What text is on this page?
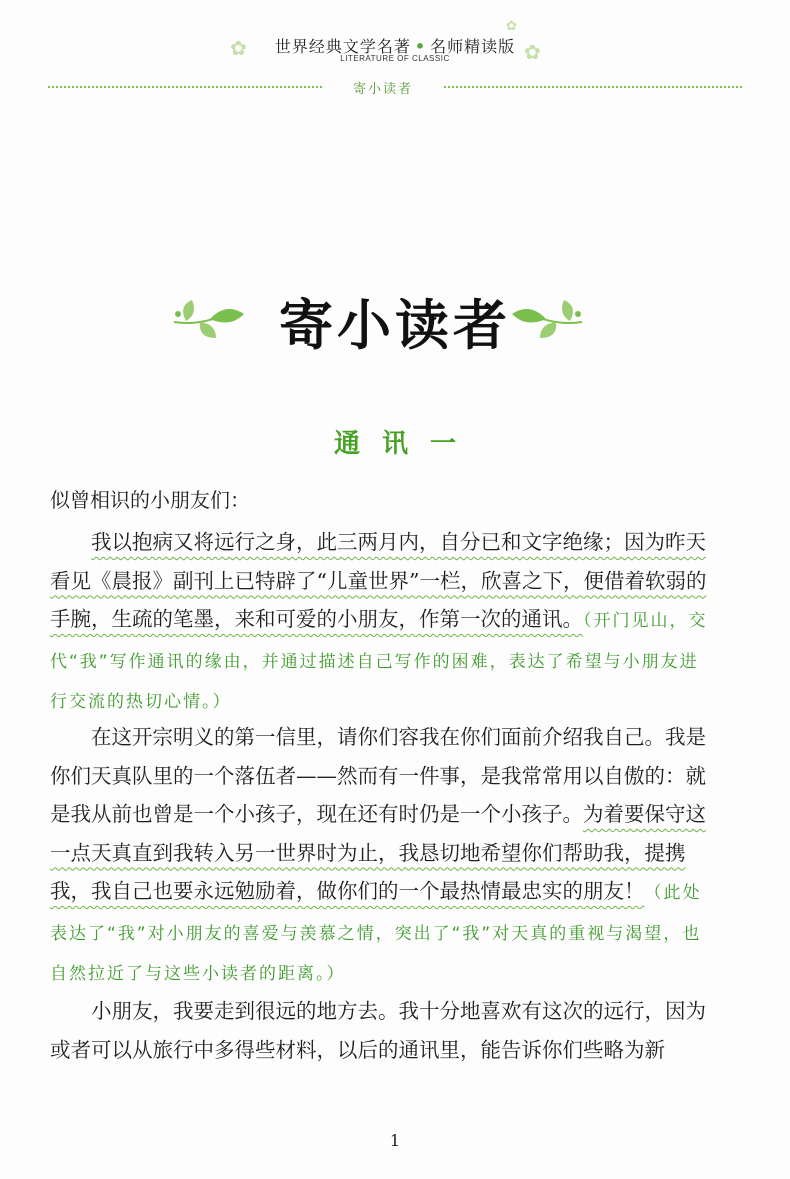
世界经典文学名著 • 名师精读版
LITERATURE OF CLASSIC
✿	✿
✿
寄小读者
寄小读者
通讯一
似曾相识的小朋友们：
我以抱病又将远行之身，此三两月内，自分已和文字绝缘；因为昨天看见《晨报》副刊上已特辟了“儿童世界”一栏，欣喜之下，便借着软弱的手腕，生疏的笔墨，来和可爱的小朋友，作第一次的通讯。（开门见山，交代“我”写作通讯的缘由，并通过描述自己写作的困难，表达了希望与小朋友进行交流的热切心情。）
在这开宗明义的第一信里，请你们容我在你们面前介绍我自己。我是你们天真队里的一个落伍者——然而有一件事，是我常常用以自傲的：就是我从前也曾是一个小孩子，现在还有时仍是一个小孩子。为着要保守这一点天真直到我转入另一世界时为止，我恳切地希望你们帮助我，提携我，我自己也要永远勉励着，做你们的一个最热情最忠实的朋友！（此处表达了“我”对小朋友的喜爱与羡慕之情，突出了“我”对天真的重视与渴望，也自然拉近了与这些小读者的距离。）
小朋友，我要走到很远的地方去。我十分地喜欢有这次的远行，因为或者可以从旅行中多得些材料，以后的通讯里，能告诉你们些略为新
1
